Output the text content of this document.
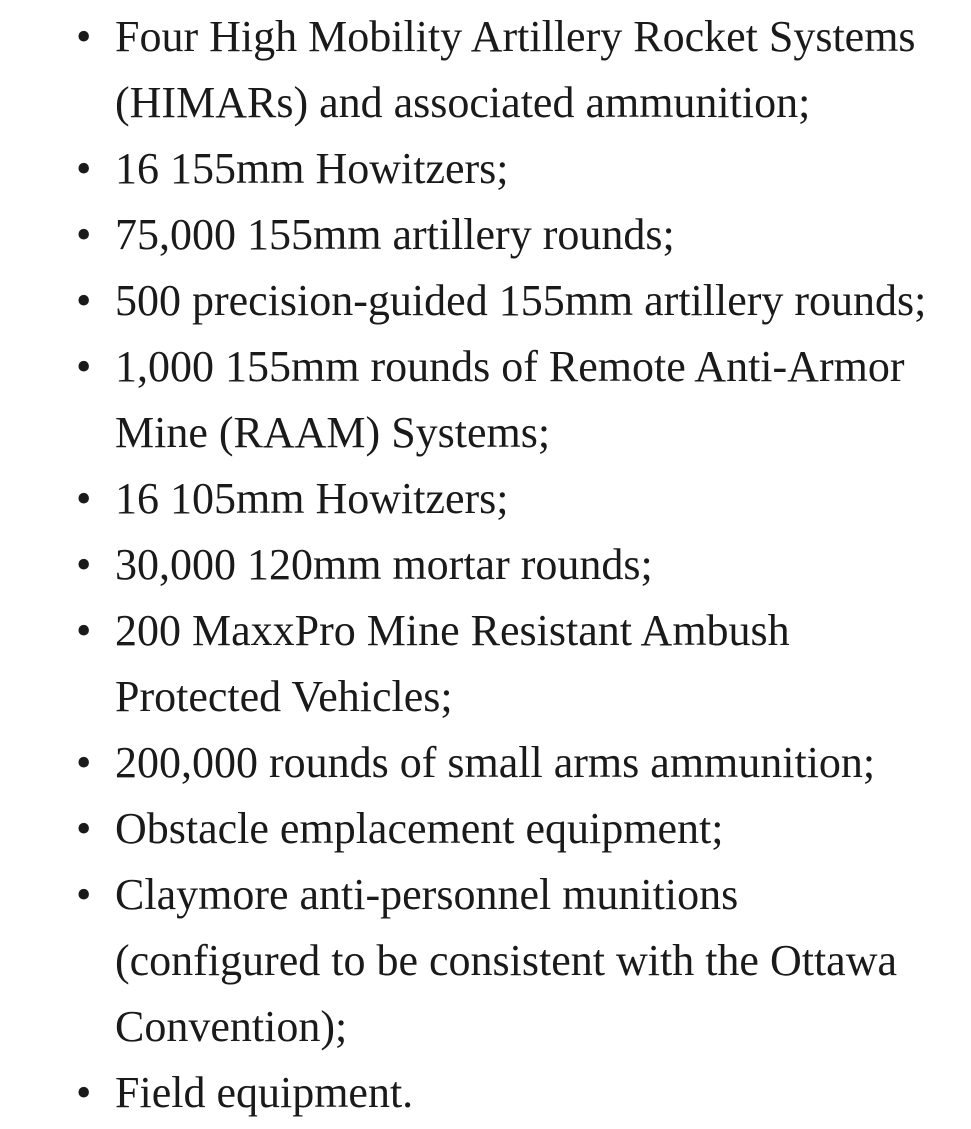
• Four High Mobility Artillery Rocket Systems
(HIMARs) and associated ammunition;
• 16 155mm Howitzers;
• 75,000 155mm artillery rounds;
• 500 precision-guided 155mm artillery rounds;
• 1,000 155mm rounds of Remote Anti-Armor
Mine (RAAM) Systems;
• 16 105mm Howitzers;
• 30,000 120mm mortar rounds;
• 200 MaxxPro Mine Resistant Ambush
Protected Vehicles;
• 200,000 rounds of small arms ammunition;
• Obstacle emplacement equipment;
• Claymore anti-personnel munitions
(configured to be consistent with the Ottawa
Convention);
• Field equipment.
